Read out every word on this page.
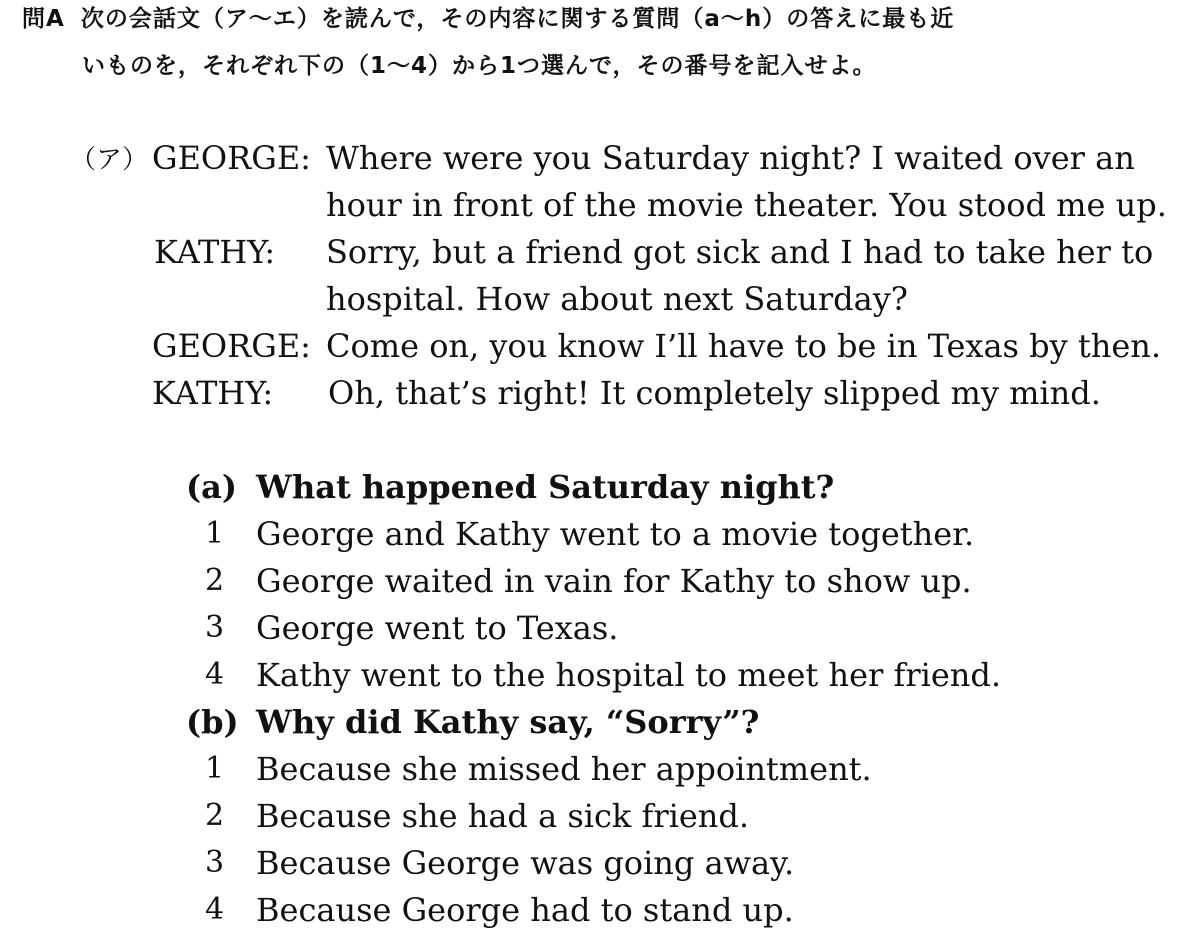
問A 次の会話文（ア〜エ）を読んで，その内容に関する質問（a〜h）の答えに最も近
いものを，それぞれ下の（1〜4）から1つ選んで，その番号を記入せよ。
（ア） GEORGE: Where were you Saturday night? I waited over an
hour in front of the movie theater. You stood me up.
KATHY: Sorry, but a friend got sick and I had to take her to
hospital. How about next Saturday?
GEORGE: Come on, you know I’ll have to be in Texas by then.
KATHY: Oh, that’s right! It completely slipped my mind.
(a) What happened Saturday night?
1 George and Kathy went to a movie together.
2 George waited in vain for Kathy to show up.
3 George went to Texas.
4 Kathy went to the hospital to meet her friend.
(b) Why did Kathy say, “Sorry”?
1 Because she missed her appointment.
2 Because she had a sick friend.
3 Because George was going away.
4 Because George had to stand up.
